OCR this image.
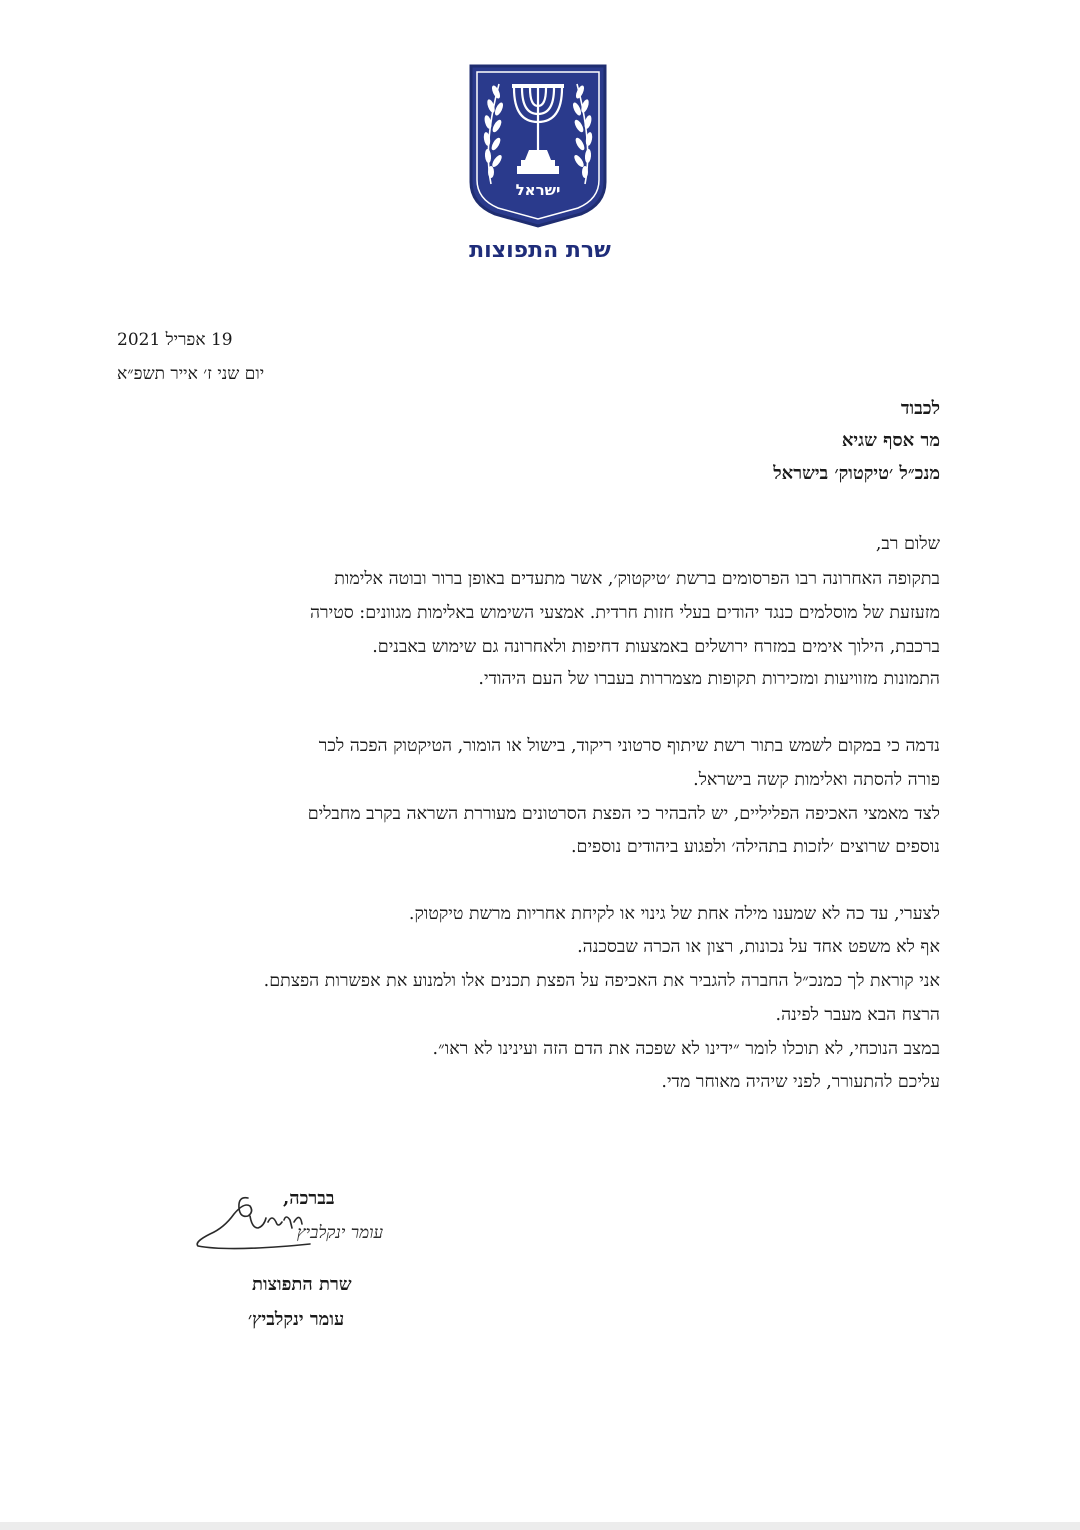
ישראל
שרת התפוצות
19 אפריל 2021
יום שני ז׳ אייר תשפ״א
לכבוד
מר אסף שגיא
מנכ״ל ׳טיקטוק׳ בישראל
שלום רב,
בתקופה האחרונה רבו הפרסומים ברשת ׳טיקטוק׳, אשר מתעדים באופן ברור ובוטה אלימות
מזעזעת של מוסלמים כנגד יהודים בעלי חזות חרדית. אמצעי השימוש באלימות מגוונים: סטירה
ברכבת, הילוך אימים במזרח ירושלים באמצעות דחיפות ולאחרונה גם שימוש באבנים.
התמונות מזוויעות ומזכירות תקופות מצמררות בעברו של העם היהודי.
נדמה כי במקום לשמש בתור רשת שיתוף סרטוני ריקוד, בישול או הומור, הטיקטוק הפכה לכר
פורה להסתה ואלימות קשה בישראל.
לצד מאמצי האכיפה הפליליים, יש להבהיר כי הפצת הסרטונים מעוררת השראה בקרב מחבלים
נוספים שרוצים ׳לזכות בתהילה׳ ולפגוע ביהודים נוספים.
לצערי, עד כה לא שמענו מילה אחת של גינוי או לקיחת אחריות מרשת טיקטוק.
אף לא משפט אחד על נכונות, רצון או הכרה שבסכנה.
אני קוראת לך כמנכ״ל החברה להגביר את האכיפה על הפצת תכנים אלו ולמנוע את אפשרות הפצתם.
הרצח הבא מעבר לפינה.
במצב הנוכחי, לא תוכלו לומר ״ידינו לא שפכה את הדם הזה ועינינו לא ראו״.
עליכם להתעורר, לפני שיהיה מאוחר מדי.
בברכה,
עומר ינקלביץ
שרת התפוצות
עומר ינקלביץ׳
